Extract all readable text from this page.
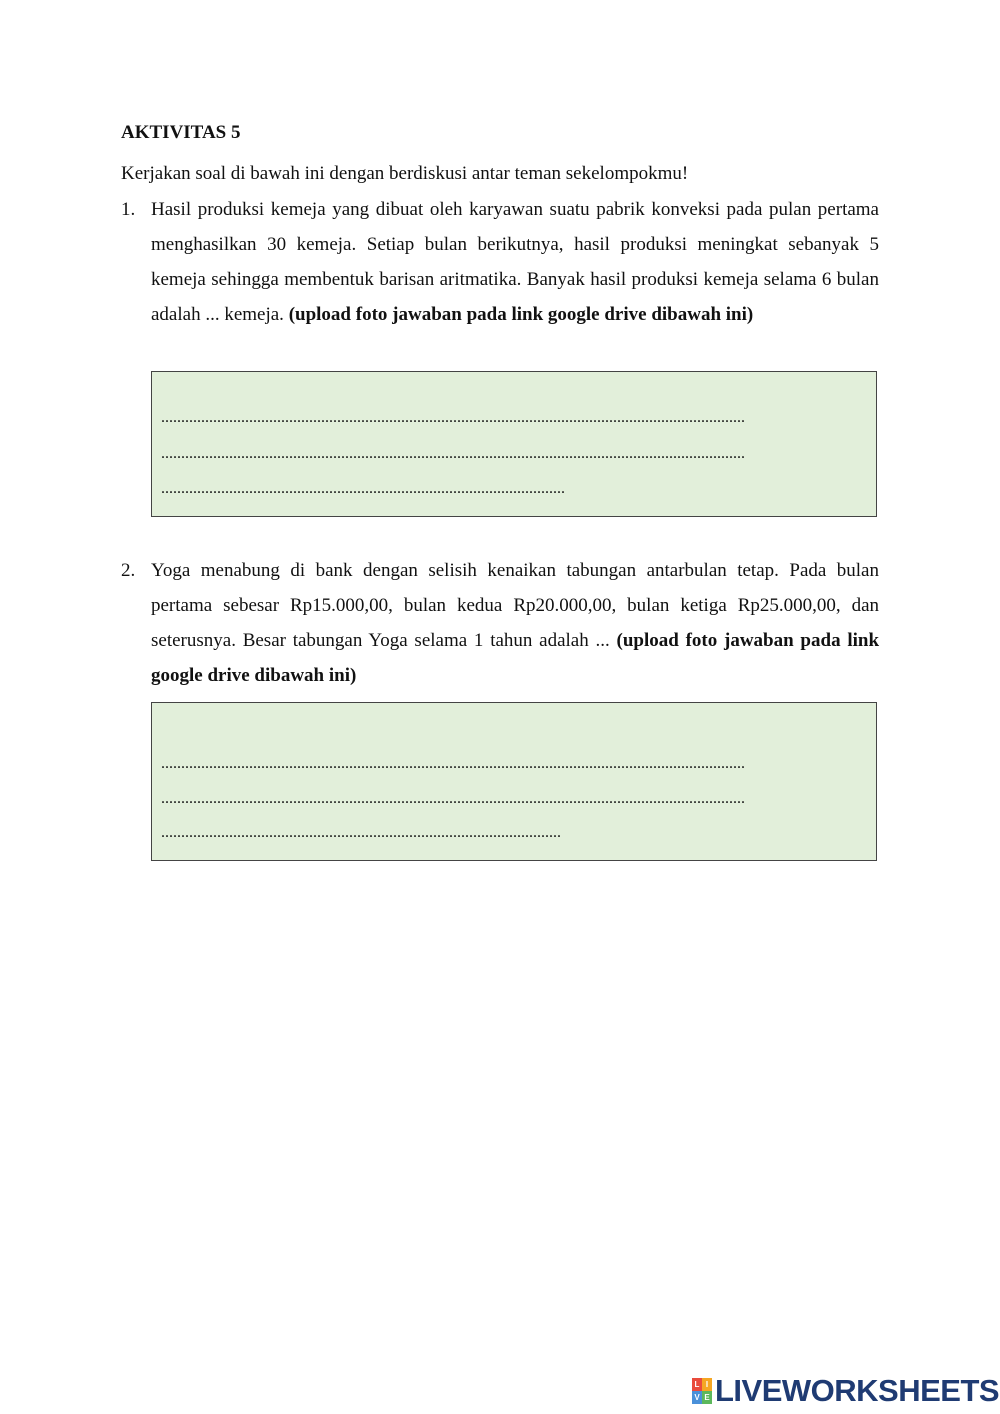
AKTIVITAS 5

Kerjakan soal di bawah ini dengan berdiskusi antar teman sekelompokmu!

1. Hasil produksi kemeja yang dibuat oleh karyawan suatu pabrik konveksi pada pulan pertama menghasilkan 30 kemeja. Setiap bulan berikutnya, hasil produksi meningkat sebanyak 5 kemeja sehingga membentuk barisan aritmatika. Banyak hasil produksi kemeja selama 6 bulan adalah ... kemeja. (upload foto jawaban pada link google drive dibawah ini)
..................................................................................................................................................
..................................................................................................................................................
.....................................................................................................
2. Yoga menabung di bank dengan selisih kenaikan tabungan antarbulan tetap. Pada bulan pertama sebesar Rp15.000,00, bulan kedua Rp20.000,00, bulan ketiga Rp25.000,00, dan seterusnya. Besar tabungan Yoga selama 1 tahun adalah ... (upload foto jawaban pada link google drive dibawah ini)
..................................................................................................................................................
..................................................................................................................................................
....................................................................................................
L I
V E LIVEWORKSHEETS
